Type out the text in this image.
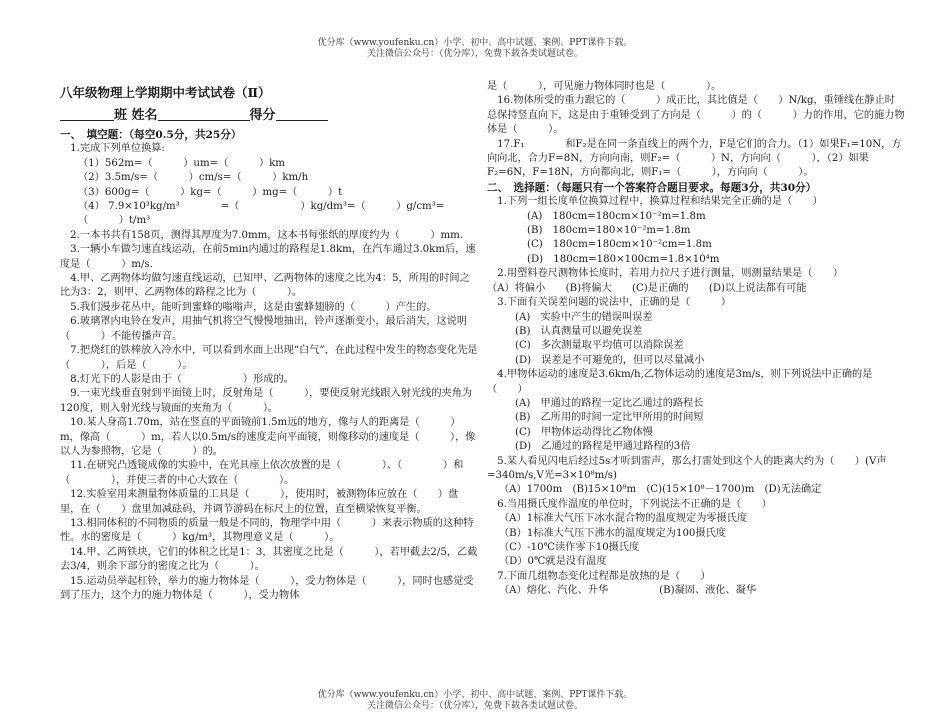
优分库（www.youfenku.cn）小学、初中、高中试题、案例、PPT课件下载。
关注微信公众号：（优分库），免费下载各类试题试卷。
八年级物理上学期期中考试试卷（Ⅱ）
班 姓名	得分
一、　填空题：（每空0.5分，共25分）
　1.完成下列单位换算:
（1）562m=（　　　）um=（　　　）km
（2）3.5m/s=（　　　）cm/s=（　　　）km/h
（3）600g=（　　　）kg=（　　　）mg=（　　　）t
（4） 7.9×10³kg/m³　　　　=（　　　　　　）kg/dm³=（　　　）g/cm³=（　　　）t/m³
　2.一本书共有158页，测得其厚度为7.0mm，这本书每张纸的厚度约为（　　　）mm.
　3.一辆小车做匀速直线运动，在前5min内通过的路程是1.8km，在汽车通过3.0km后，速度是（　　　）m/s.
　4.甲、乙两物体均做匀速直线运动，已知甲、乙两物体的速度之比为4：5，所用的时间之比为3：2，则甲、乙两物体的路程之比为（　　　）。
　5.我们漫步花丛中，能听到蜜蜂的嗡嗡声，这是由蜜蜂翅膀的（　　　）产生的。
　6.玻璃罩内电铃在发声，用抽气机将空气慢慢地抽出，铃声逐渐变小，最后消失，这说明（　　　）不能传播声音。
　7.把烧红的铁棒放入冷水中，可以看到水面上出现“白气”，在此过程中发生的物态变化先是（　　　），后是（　　　）。
　8.灯光下的人影是由于（　　　　　　）形成的。
　9.一束光线垂直射到平面镜上时，反射角是（　　　），要使反射光线跟入射光线的夹角为120度，则入射光线与镜面的夹角为（　　　）。
　10.某人身高1.70m，站在竖直的平面镜前1.5m远的地方，像与人的距离是（　　　）m，像高（　　　）m，若人以0.5m/s的速度走向平面镜，则像移动的速度是（　　　），像以人为参照物，它是（　　　）的。
　11.在研究凸透镜成像的实验中，在光具座上依次放置的是（　　　　）、（　　　　）和（　　　　），并使三者的中心大致在（　　　　）。
　12.实验室用来测量物体质量的工具是（　　　），使用时，被测物体应放在（　　）盘里，在（　　）盘里加减砝码，并调节游码在标尺上的位置，直至横梁恢复平衡。
　13.相同体积的不同物质的质量一般是不同的，物理学中用（　　　）来表示物质的这种特性。水的密度是（　　　）kg/m³，其物理意义是（　　　）。
　14.甲、乙两铁块，它们的体积之比是1：3，其密度之比是（　　　），若甲截去2/5，乙截去3/4，则余下部分的密度之比为（　　　）。
　15.运动员举起杠铃，举力的施力物体是（　　　），受力物体是（　　　），同时也感觉受到了压力，这个力的施力物体是（　　　），受力物体
是（　　　），可见施力物体同时也是（　　　　）。
　16.物体所受的重力跟它的（　　　）成正比，其比值是（　　）N/kg，重锤线在静止时总保持竖直向下，这是由于重锤受到了方向是（　　　）的（　　　）力的作用，它的施力物体是（　　　）。
　17.F₁　　　　和F₂是在同一条直线上的两个力，F是它们的合力。（1）如果F₁=10N，方向向北，合力F=8N，方向向南，则F₂=（　　　）N，方向向（　　　），（2）如果F₂=6N，F=18N，方向都向北，则F₁=（　　　），方向向（　　　）。
二、　选择题：（每题只有一个答案符合题目要求。每题3分，共30分）
　1.下列一组长度单位换算过程中，换算过程和结果完全正确的是（　　）
(A)　180cm=180cm×10⁻²m=1.8m
(B)　180cm=180×10⁻²m=1.8m
(C)　180cm=180cm×10⁻²cm=1.8m
(D)　180cm=180×100cm=1.8×10⁴m
　2.用塑料卷尺测物体长度时，若用力拉尺子进行测量，则测量结果是（　　）
（A）将偏小　　(B)将偏大　　(C)是正确的　　(D)以上说法都有可能
　3.下面有关误差问题的说法中，正确的是（　　　）
(A)　实验中产生的错误叫误差
(B)　认真测量可以避免误差
(C)　多次测量取平均值可以消除误差
(D)　误差是不可避免的，但可以尽量减小
　4.甲物体运动的速度是3.6km/h,乙物体运动的速度是3m/s，则下列说法中正确的是（　　）
(A)　甲通过的路程一定比乙通过的路程长
(B)　乙所用的时间一定比甲所用的时间短
(C)　甲物体运动得比乙物体慢
(D)　乙通过的路程是甲通过路程的3倍
　5.某人看见闪电后经过5s才听到雷声，那么打雷处到这个人的距离大约为（　　）(V声=340m/s,V光=3×10⁸m/s)
（A）1700m　(B)15×10⁸m　(C)(15×10⁸－1700)m　(D)无法确定
　6.当用摄氏度作温度的单位时，下列说法不正确的是（　　）
（A）1标准大气压下冰水混合物的温度规定为零摄氏度
（B）1标准大气压下沸水的温度规定为100摄氏度
（C）-10℃读作零下10摄氏度
（D）0℃就是没有温度
　7.下面几组物态变化过程都是放热的是（　　）
（A）熔化、汽化、升华　　　　　(B)凝固、液化、凝华
优分库（www.youfenku.cn）小学、初中、高中试题、案例、PPT课件下载。
关注微信公众号：（优分库），免费下载各类试题试卷。
